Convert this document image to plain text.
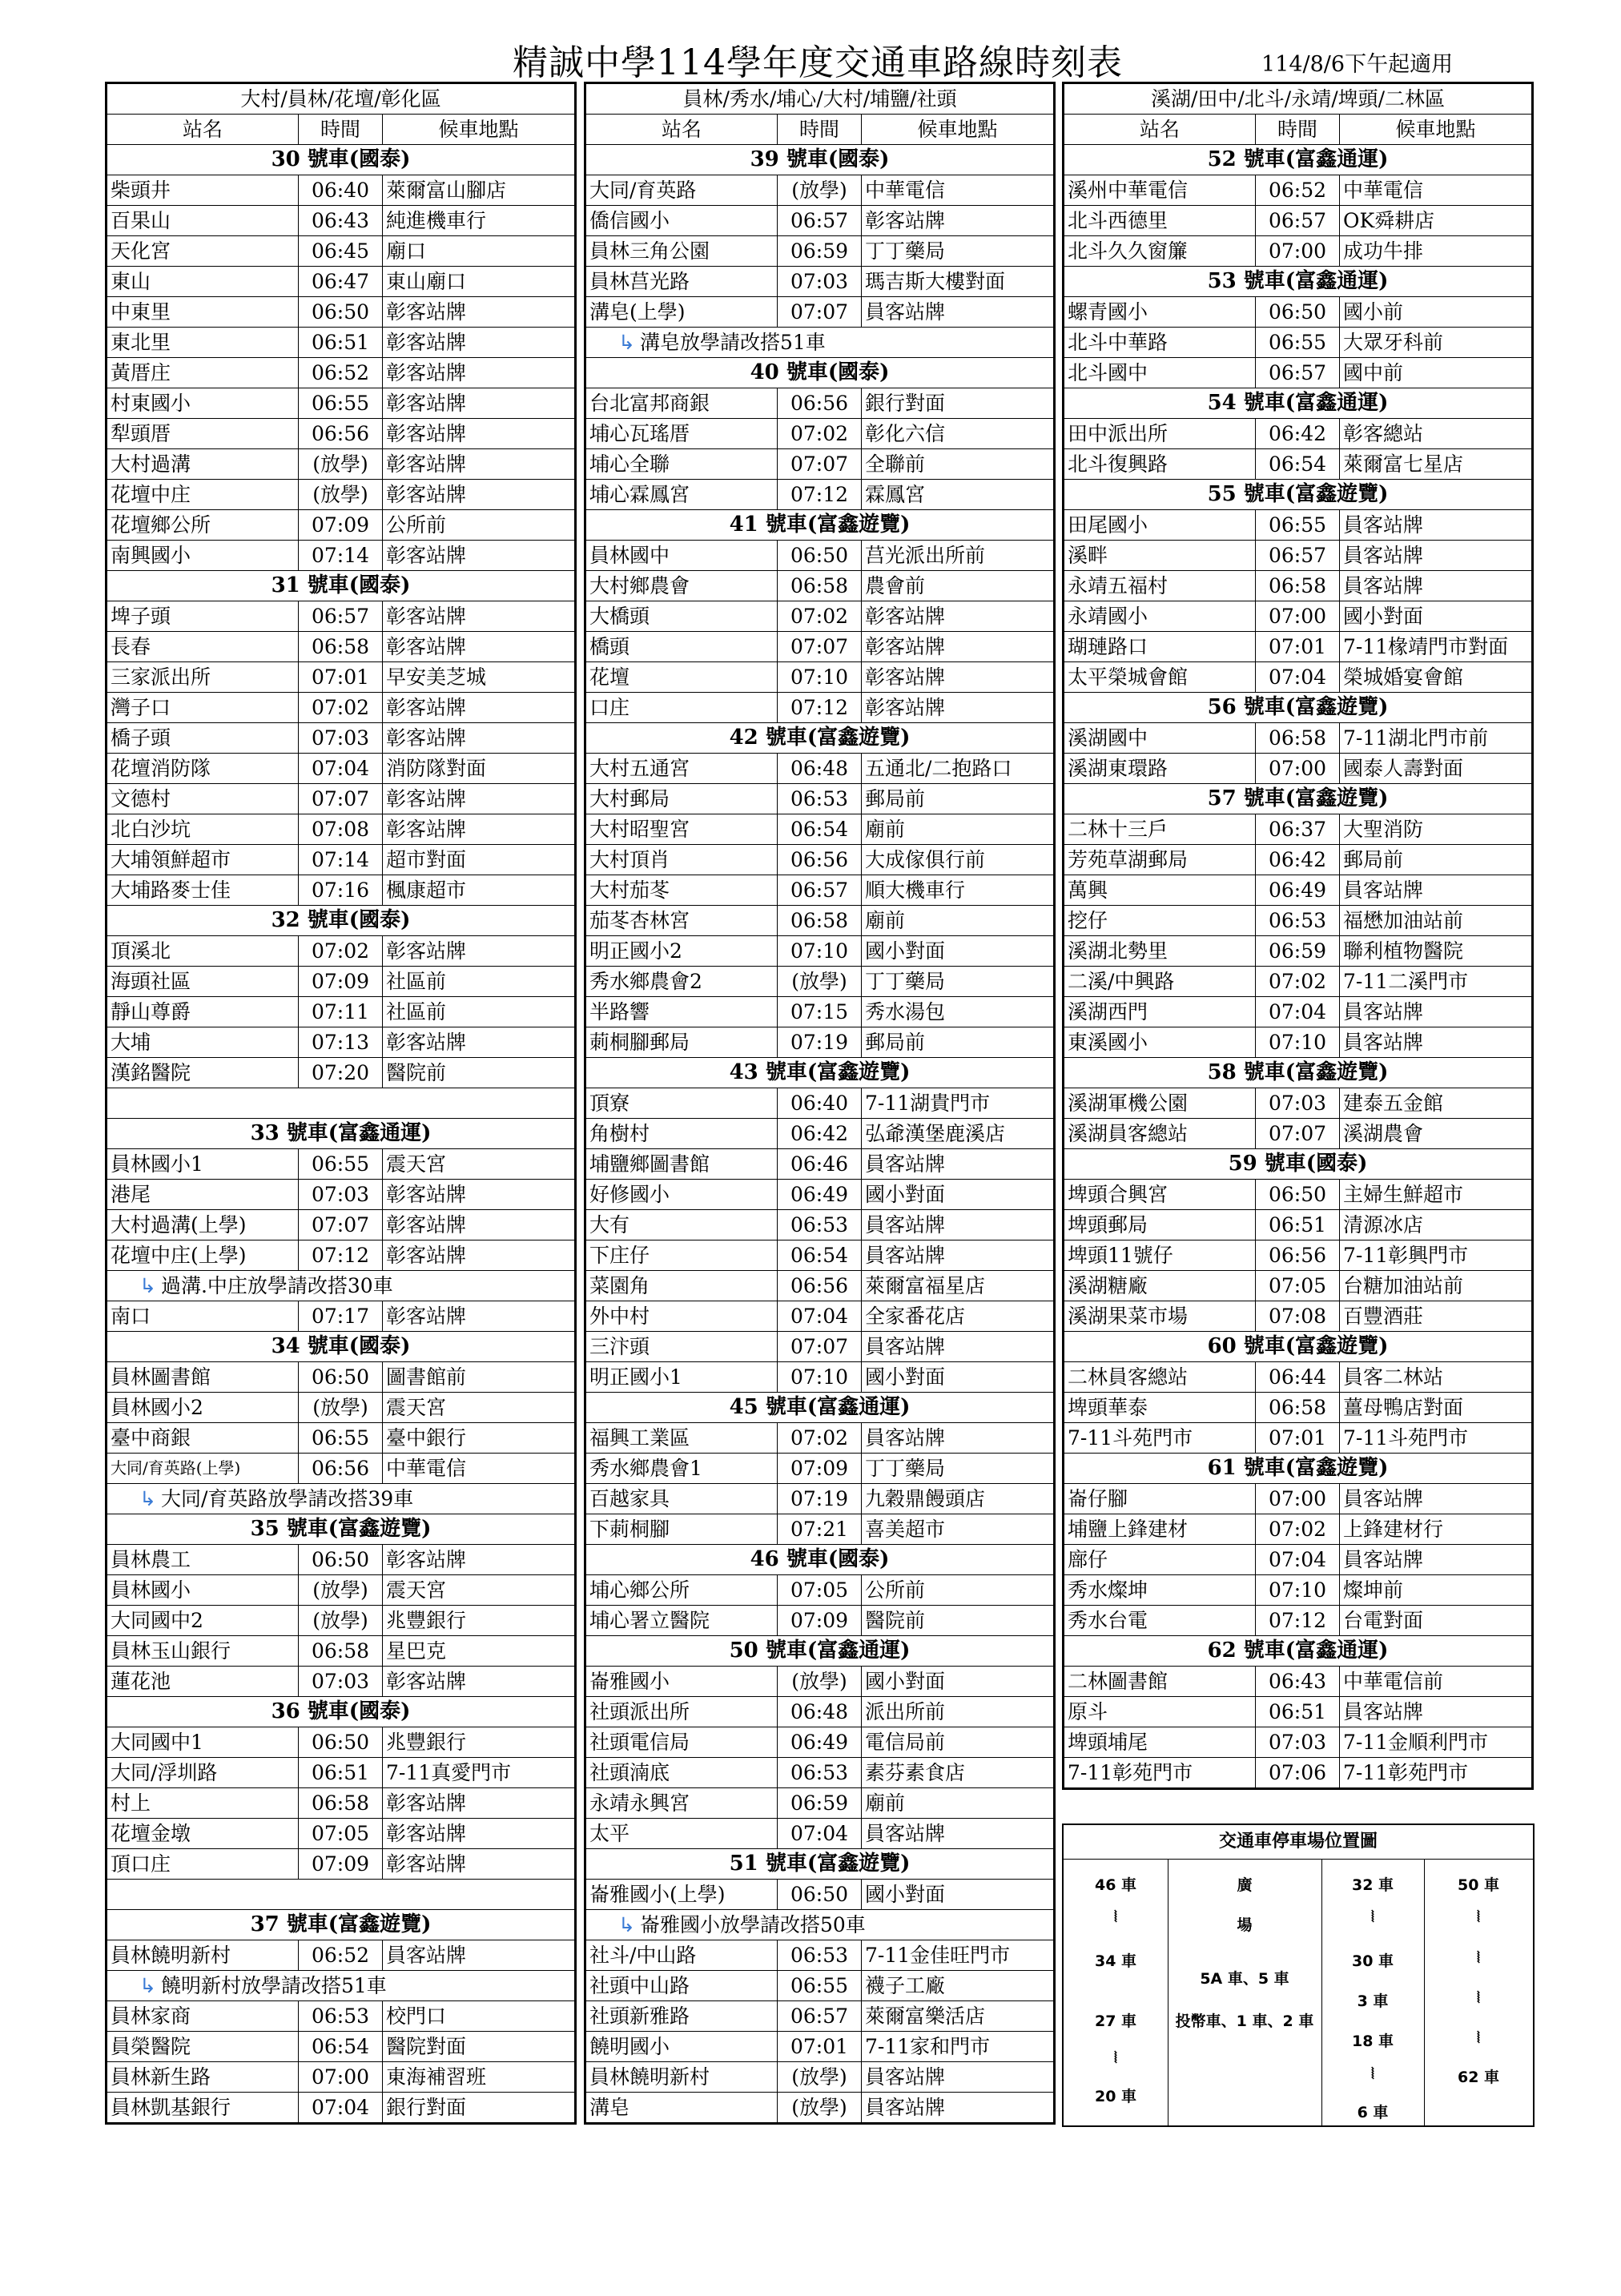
精誠中學114學年度交通車路線時刻表	114/8/6下午起適用
大村/員林/花壇/彰化區		
站名	時間	候車地點
30 號車(國泰)		
柴頭井	06:40	萊爾富山腳店
百果山	06:43	純進機車行
天化宮	06:45	廟口
東山	06:47	東山廟口
中東里	06:50	彰客站牌
東北里	06:51	彰客站牌
黃厝庄	06:52	彰客站牌
村東國小	06:55	彰客站牌
犁頭厝	06:56	彰客站牌
大村過溝	(放學)	彰客站牌
花壇中庄	(放學)	彰客站牌
花壇鄉公所	07:09	公所前
南興國小	07:14	彰客站牌
31 號車(國泰)		
埤子頭	06:57	彰客站牌
長春	06:58	彰客站牌
三家派出所	07:01	早安美芝城
灣子口	07:02	彰客站牌
橋子頭	07:03	彰客站牌
花壇消防隊	07:04	消防隊對面
文德村	07:07	彰客站牌
北白沙坑	07:08	彰客站牌
大埔領鮮超市	07:14	超市對面
大埔路麥士佳	07:16	楓康超市
32 號車(國泰)		
頂溪北	07:02	彰客站牌
海頭社區	07:09	社區前
靜山尊爵	07:11	社區前
大埔	07:13	彰客站牌
漢銘醫院	07:20	醫院前

33 號車(富鑫通運)		
員林國小1	06:55	震天宮
港尾	07:03	彰客站牌
大村過溝(上學)	07:07	彰客站牌
花壇中庄(上學)	07:12	彰客站牌
↳ 過溝.中庄放學請改搭30車		
南口	07:17	彰客站牌
34 號車(國泰)		
員林圖書館	06:50	圖書館前
員林國小2	(放學)	震天宮
臺中商銀	06:55	臺中銀行
大同/育英路(上學)	06:56	中華電信
↳ 大同/育英路放學請改搭39車		
35 號車(富鑫遊覽)		
員林農工	06:50	彰客站牌
員林國小	(放學)	震天宮
大同國中2	(放學)	兆豐銀行
員林玉山銀行	06:58	星巴克
蓮花池	07:03	彰客站牌
36 號車(國泰)		
大同國中1	06:50	兆豐銀行
大同/浮圳路	06:51	7-11真愛門市
村上	06:58	彰客站牌
花壇金墩	07:05	彰客站牌
頂口庄	07:09	彰客站牌

37 號車(富鑫遊覽)		
員林饒明新村	06:52	員客站牌
↳ 饒明新村放學請改搭51車		
員林家商	06:53	校門口
員榮醫院	06:54	醫院對面
員林新生路	07:00	東海補習班
員林凱基銀行	07:04	銀行對面
員林/秀水/埔心/大村/埔鹽/社頭		
站名	時間	候車地點
39 號車(國泰)		
大同/育英路	(放學)	中華電信
僑信國小	06:57	彰客站牌
員林三角公園	06:59	丁丁藥局
員林莒光路	07:03	瑪吉斯大樓對面
溝皂(上學)	07:07	員客站牌
↳ 溝皂放學請改搭51車		
40 號車(國泰)		
台北富邦商銀	06:56	銀行對面
埔心瓦瑤厝	07:02	彰化六信
埔心全聯	07:07	全聯前
埔心霖鳳宮	07:12	霖鳳宮
41 號車(富鑫遊覽)		
員林國中	06:50	莒光派出所前
大村鄉農會	06:58	農會前
大橋頭	07:02	彰客站牌
橋頭	07:07	彰客站牌
花壇	07:10	彰客站牌
口庄	07:12	彰客站牌
42 號車(富鑫遊覽)		
大村五通宮	06:48	五通北/二抱路口
大村郵局	06:53	郵局前
大村昭聖宮	06:54	廟前
大村頂肖	06:56	大成傢俱行前
大村茄苳	06:57	順大機車行
茄苳杏林宮	06:58	廟前
明正國小2	07:10	國小對面
秀水鄉農會2	(放學)	丁丁藥局
半路響	07:15	秀水湯包
莿桐腳郵局	07:19	郵局前
43 號車(富鑫遊覽)		
頂寮	06:40	7-11湖貴門市
角樹村	06:42	弘爺漢堡鹿溪店
埔鹽鄉圖書館	06:46	員客站牌
好修國小	06:49	國小對面
大有	06:53	員客站牌
下庄仔	06:54	員客站牌
菜園角	06:56	萊爾富福星店
外中村	07:04	全家番花店
三汴頭	07:07	員客站牌
明正國小1	07:10	國小對面
45 號車(富鑫通運)		
福興工業區	07:02	員客站牌
秀水鄉農會1	07:09	丁丁藥局
百越家具	07:19	九穀鼎饅頭店
下莿桐腳	07:21	喜美超市
46 號車(國泰)		
埔心鄉公所	07:05	公所前
埔心署立醫院	07:09	醫院前
50 號車(富鑫通運)		
崙雅國小	(放學)	國小對面
社頭派出所	06:48	派出所前
社頭電信局	06:49	電信局前
社頭湳底	06:53	素芬素食店
永靖永興宮	06:59	廟前
太平	07:04	員客站牌
51 號車(富鑫遊覽)		
崙雅國小(上學)	06:50	國小對面
↳ 崙雅國小放學請改搭50車		
社斗/中山路	06:53	7-11金佳旺門市
社頭中山路	06:55	襪子工廠
社頭新雅路	06:57	萊爾富樂活店
饒明國小	07:01	7-11家和門市
員林饒明新村	(放學)	員客站牌
溝皂	(放學)	員客站牌
溪湖/田中/北斗/永靖/埤頭/二林區		
站名	時間	候車地點
52 號車(富鑫通運)		
溪州中華電信	06:52	中華電信
北斗西德里	06:57	OK舜耕店
北斗久久窗簾	07:00	成功牛排
53 號車(富鑫通運)		
螺青國小	06:50	國小前
北斗中華路	06:55	大眾牙科前
北斗國中	06:57	國中前
54 號車(富鑫通運)		
田中派出所	06:42	彰客總站
北斗復興路	06:54	萊爾富七星店
55 號車(富鑫遊覽)		
田尾國小	06:55	員客站牌
溪畔	06:57	員客站牌
永靖五福村	06:58	員客站牌
永靖國小	07:00	國小對面
瑚璉路口	07:01	7-11椽靖門市對面
太平榮城會館	07:04	榮城婚宴會館
56 號車(富鑫遊覽)		
溪湖國中	06:58	7-11湖北門市前
溪湖東環路	07:00	國泰人壽對面
57 號車(富鑫遊覽)		
二林十三戶	06:37	大聖消防
芳苑草湖郵局	06:42	郵局前
萬興	06:49	員客站牌
挖仔	06:53	福懋加油站前
溪湖北勢里	06:59	聯利植物醫院
二溪/中興路	07:02	7-11二溪門市
溪湖西門	07:04	員客站牌
東溪國小	07:10	員客站牌
58 號車(富鑫遊覽)		
溪湖軍機公園	07:03	建泰五金館
溪湖員客總站	07:07	溪湖農會
59 號車(國泰)		
埤頭合興宮	06:50	主婦生鮮超市
埤頭郵局	06:51	清源冰店
埤頭11號仔	06:56	7-11彰興門市
溪湖糖廠	07:05	台糖加油站前
溪湖果菜市場	07:08	百豐酒莊
60 號車(富鑫遊覽)		
二林員客總站	06:44	員客二林站
埤頭華泰	06:58	薑母鴨店對面
7-11斗苑門市	07:01	7-11斗苑門市
61 號車(富鑫遊覽)		
崙仔腳	07:00	員客站牌
埔鹽上鋒建材	07:02	上鋒建材行
廍仔	07:04	員客站牌
秀水燦坤	07:10	燦坤前
秀水台電	07:12	台電對面
62 號車(富鑫通運)		
二林圖書館	06:43	中華電信前
原斗	06:51	員客站牌
埤頭埔尾	07:03	7-11金順利門市
7-11彰苑門市	07:06	7-11彰苑門市
交通車停車場位置圖
46 車
⦚
34 車
27 車
⦚
20 車
廣
場
5A 車、5 車
投幣車、1 車、2 車
32 車
⦚
30 車
3 車
18 車
⦚
6 車
50 車
⦚
⦚
⦚
⦚
62 車
